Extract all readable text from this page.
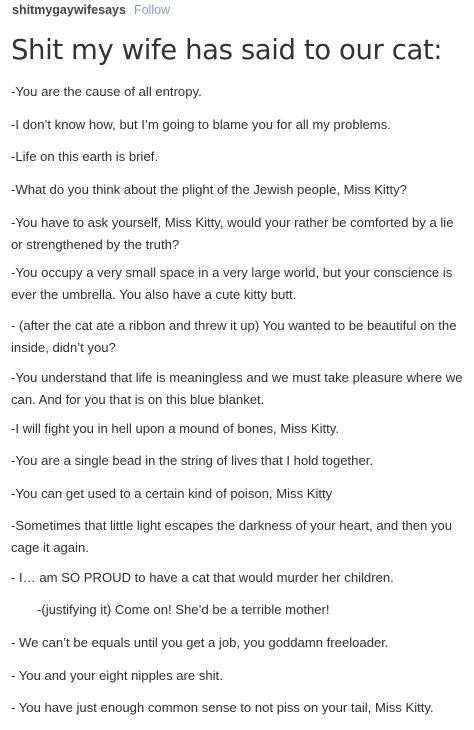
shitmygaywifesays Follow
Shit my wife has said to our cat:
-You are the cause of all entropy.
-I don’t know how, but I’m going to blame you for all my problems.
-Life on this earth is brief.
-What do you think about the plight of the Jewish people, Miss Kitty?
-You have to ask yourself, Miss Kitty, would your rather be comforted by a lie or strengthened by the truth?
-You occupy a very small space in a very large world, but your conscience is ever the umbrella. You also have a cute kitty butt.
- (after the cat ate a ribbon and threw it up) You wanted to be beautiful on the inside, didn’t you?
-You understand that life is meaningless and we must take pleasure where we can. And for you that is on this blue blanket.
-I will fight you in hell upon a mound of bones, Miss Kitty.
-You are a single bead in the string of lives that I hold together.
-You can get used to a certain kind of poison, Miss Kitty
-Sometimes that little light escapes the darkness of your heart, and then you cage it again.
- I… am SO PROUD to have a cat that would murder her children.
-(justifying it) Come on! She’d be a terrible mother!
- We can’t be equals until you get a job, you goddamn freeloader.
- You and your eight nipples are shit.
- You have just enough common sense to not piss on your tail, Miss Kitty.
